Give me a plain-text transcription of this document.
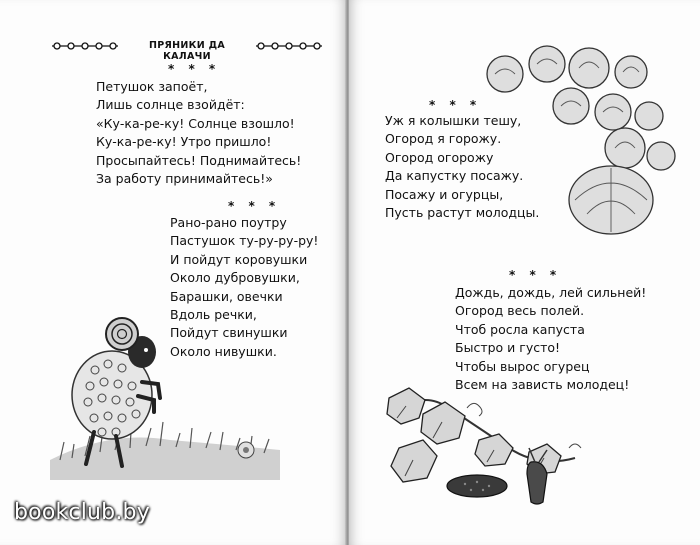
ПРЯНИКИ ДА КАЛАЧИ
* * *
Петушок запоёт,
Лишь солнце взойдёт:
«Ку-ка-ре-ку! Солнце взошло!
Ку-ка-ре-ку! Утро пришло!
Просыпайтесь! Поднимайтесь!
За работу принимайтесь!»
* * *
Рано-рано поутру
Пастушок ту-ру-ру-ру!
И пойдут коровушки
Около дубровушки,
Барашки, овечки
Вдоль речки,
Пойдут свинушки
Около нивушки.
bookclub.by
* * *
Уж я колышки тешу,
Огород я горожу.
Огород огорожу
Да капустку посажу.
Посажу и огурцы,
Пусть растут молодцы.
* * *
Дождь, дождь, лей сильней!
Огород весь полей.
Чтоб росла капуста
Быстро и густо!
Чтобы вырос огурец
Всем на зависть молодец!
